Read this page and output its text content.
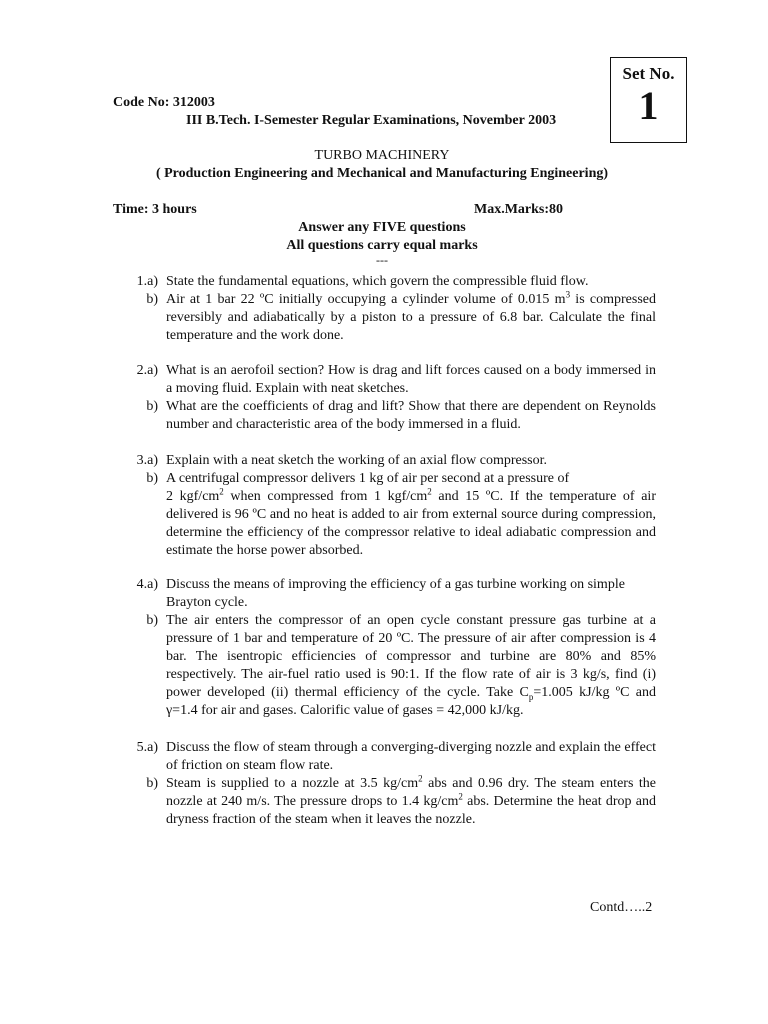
Set No.
1
Code No: 312003
III B.Tech. I-Semester Regular Examinations, November 2003
TURBO MACHINERY
( Production Engineering and Mechanical and Manufacturing Engineering)
Time: 3 hours	Max.Marks:80
Answer any FIVE questions
All questions carry equal marks
---
1.a) State the fundamental equations, which govern the compressible fluid flow.
b) Air at 1 bar 22 ºC initially occupying a cylinder volume of 0.015 $m^3$ is compressed reversibly and adiabatically by a piston to a pressure of 6.8 bar. Calculate the final temperature and the work done.
2.a) What is an aerofoil section? How is drag and lift forces caused on a body immersed in a moving fluid. Explain with neat sketches.
b) What are the coefficients of drag and lift? Show that there are dependent on Reynolds number and characteristic area of the body immersed in a fluid.
3.a) Explain with a neat sketch the working of an axial flow compressor.
b) A centrifugal compressor delivers 1 kg of air per second at a pressure of
2 kgf/$cm^2$ when compressed from 1 kgf/$cm^2$ and 15 ºC. If the temperature of air delivered is 96 ºC and no heat is added to air from external source during compression, determine the efficiency of the compressor relative to ideal adiabatic compression and estimate the horse power absorbed.
4.a) Discuss the means of improving the efficiency of a gas turbine working on simple Brayton cycle.
b) The air enters the compressor of an open cycle constant pressure gas turbine at a pressure of 1 bar and temperature of 20 ºC. The pressure of air after compression is 4 bar. The isentropic efficiencies of compressor and turbine are 80% and 85% respectively. The air-fuel ratio used is 90:1. If the flow rate of air is 3 kg/s, find (i) power developed (ii) thermal efficiency of the cycle. Take $C_p=1.005$ kJ/kg ºC and γ=1.4 for air and gases. Calorific value of gases = 42,000 kJ/kg.
5.a) Discuss the flow of steam through a converging-diverging nozzle and explain the effect of friction on steam flow rate.
b) Steam is supplied to a nozzle at 3.5 $kg/cm^2$ abs and 0.96 dry. The steam enters the nozzle at 240 m/s. The pressure drops to 1.4 $kg/cm^2$ abs. Determine the heat drop and dryness fraction of the steam when it leaves the nozzle.
Contd…..2
